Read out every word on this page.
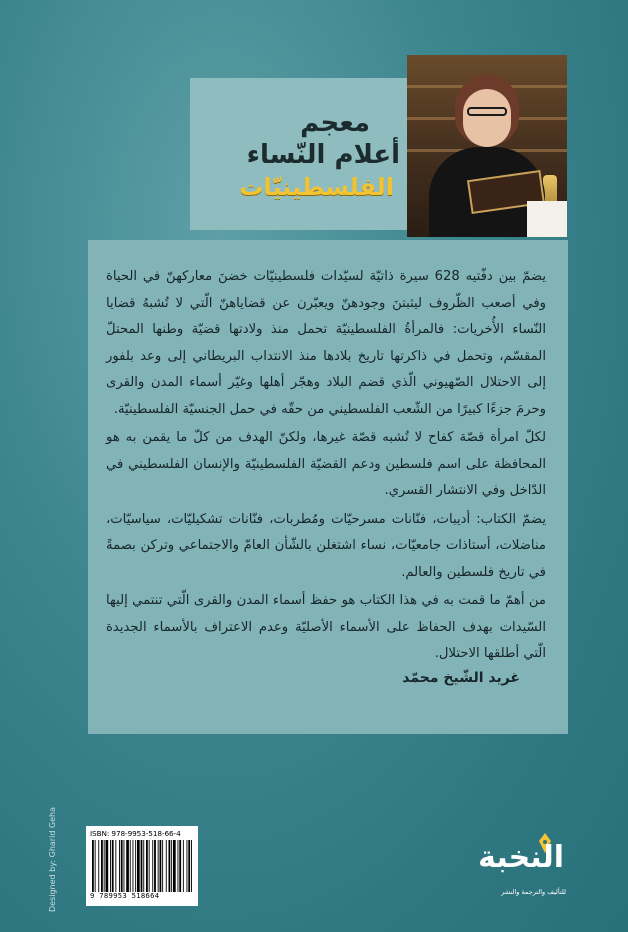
معجم
أعلام النّساء
الفلسطينيّات

يضمّ بين دفّتيه 628 سيرة ذاتيّة لسيّدات فلسطينيّات خضنَ معاركهنّ في الحياة وفي أصعب الظّروف ليثبتنَ وجودهنّ ويعبّرن عن قضاياهنّ الّتي لا تُشبهُ قضايا النّساء الأُخريات: فالمرأةُ الفلسطينيّة تحمل منذ ولادتها قضيّة وطنها المحتلّ المقسّم، وتحمل في ذاكرتها تاريخ بلادها منذ الانتداب البريطاني إلى وعد بلفور إلى الاحتلال الصّهيوني الّذي قضم البلاد وهجّر أهلها وغيّر أسماء المدن والقرى وحرمَ جزءًا كبيرًا من الشّعب الفلسطيني من حقّه في حمل الجنسيّة الفلسطينيّة.

لكلّ امرأة قصّة كفاح لا تُشبه قصّة غيرها، ولكنّ الهدف من كلّ ما يقمن به هو المحافظة على اسم فلسطين ودعم القضيّة الفلسطينيّة والإنسان الفلسطيني في الدّاخل وفي الانتشار القسري.

يضمّ الكتاب: أديبات، فنّانات مسرحيّات ومُطربات، فنّانات تشكيليّات، سياسيّات، مناضلات، أستاذات جامعيّات، نساء اشتغلن بالشّأن العامّ والاجتماعي وتركن بصمةً في تاريخ فلسطين والعالم.

من أهمّ ما قمت به في هذا الكتاب هو حفظ أسماء المدن والقرى الّتي تنتمي إليها السّيدات بهدف الحفاظ على الأسماء الأصليّة وعدم الاعتراف بالأسماء الجديدة الّتي أطلقها الاحتلال.

غريد الشّيخ محمّد
ISBN: 978-9953-518-66-4
9 789953 518664
Designed by: Gharid Geha	النخبة
للتأليف والترجمة والنشر
